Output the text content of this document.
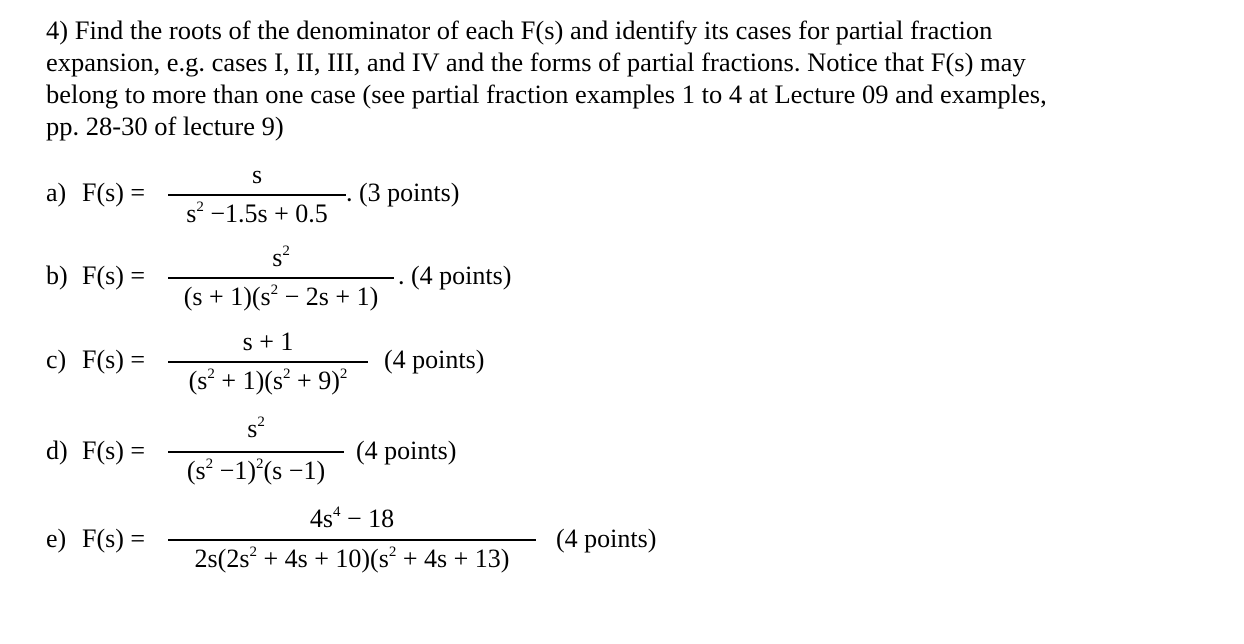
4) Find the roots of the denominator of each F(s) and identify its cases for partial fraction
expansion, e.g. cases I, II, III, and IV and the forms of partial fractions. Notice that F(s) may
belong to more than one case (see partial fraction examples 1 to 4 at Lecture 09 and examples,
pp. 28-30 of lecture 9)
a) F(s) =
s
$s^2 -1.5s + 0.5$
. (3 points)
b) F(s) =
$s^2$
$(s + 1)(s^2 - 2s + 1)$
. (4 points)
c) F(s) =
s + 1
$(s^2 + 1)(s^2 + 9)^2$	(4 points)
d) F(s) =
$s^2$
$(s^2 -1)^2(s -1)$
(4 points)
e) F(s) =
$4s^4 - 18$
$2s(2s^2 + 4s + 10)(s^2 + 4s + 13)$
(4 points)
